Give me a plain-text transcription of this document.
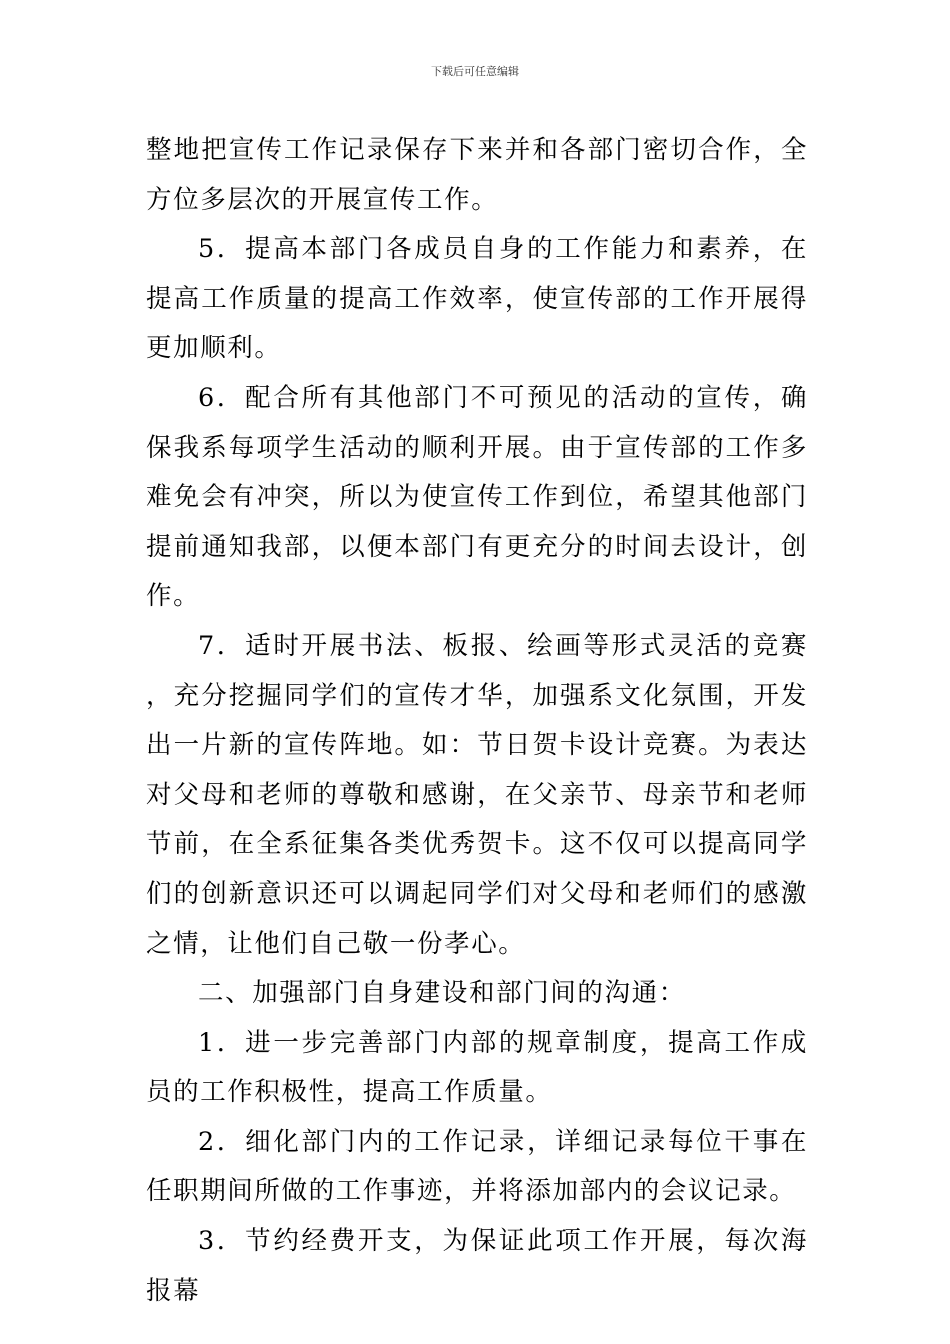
下载后可任意编辑

整地把宣传工作记录保存下来并和各部门密切合作，全方位多层次的开展宣传工作。

5．提高本部门各成员自身的工作能力和素养，在提高工作质量的提高工作效率，使宣传部的工作开展得更加顺利。

6．配合所有其他部门不可预见的活动的宣传，确保我系每项学生活动的顺利开展。由于宣传部的工作多难免会有冲突，所以为使宣传工作到位，希望其他部门提前通知我部，以便本部门有更充分的时间去设计，创作。

7．适时开展书法、板报、绘画等形式灵活的竞赛，充分挖掘同学们的宣传才华，加强系文化氛围，开发出一片新的宣传阵地。如：节日贺卡设计竞赛。为表达对父母和老师的尊敬和感谢，在父亲节、母亲节和老师节前，在全系征集各类优秀贺卡。这不仅可以提高同学们的创新意识还可以调起同学们对父母和老师们的感激之情，让他们自己敬一份孝心。

二、加强部门自身建设和部门间的沟通：

1．进一步完善部门内部的规章制度，提高工作成员的工作积极性，提高工作质量。

2．细化部门内的工作记录，详细记录每位干事在任职期间所做的工作事迹，并将添加部内的会议记录。

3．节约经费开支，为保证此项工作开展，每次海报幕
